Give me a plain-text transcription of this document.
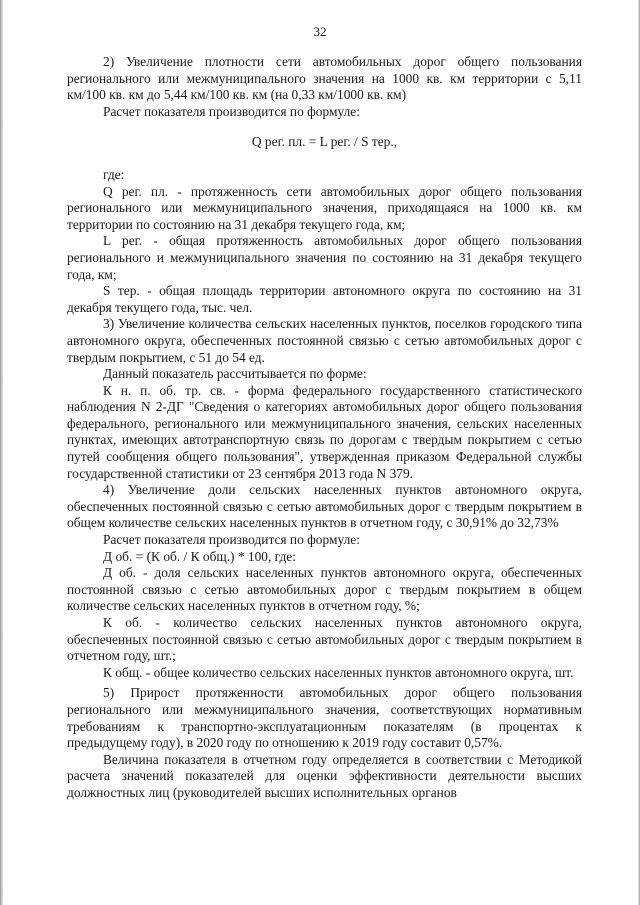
32

2) Увеличение плотности сети автомобильных дорог общего пользования регионального или межмуниципального значения на 1000 кв. км территории с 5,11 км/100 кв. км до 5,44 км/100 кв. км (на 0,33 км/1000 кв. км)

Расчет показателя производится по формуле:

Q рег. пл. = L рег. / S тер.,

где:

Q рег. пл. - протяженность сети автомобильных дорог общего пользования регионального или межмуниципального значения, приходящаяся на 1000 кв. км территории по состоянию на 31 декабря текущего года, км;

L рег. - общая протяженность автомобильных дорог общего пользования регионального и межмуниципального значения по состоянию на 31 декабря текущего года, км;

S тер. - общая площадь территории автономного округа по состоянию на 31 декабря текущего года, тыс. чел.

3) Увеличение количества сельских населенных пунктов, поселков городского типа автономного округа, обеспеченных постоянной связью с сетью автомобильных дорог с твердым покрытием, с 51 до 54 ед.

Данный показатель рассчитывается по форме:

К н. п. об. тр. св. - форма федерального государственного статистического наблюдения N 2-ДГ "Сведения о категориях автомобильных дорог общего пользования федерального, регионального или межмуниципального значения, сельских населенных пунктах, имеющих автотранспортную связь по дорогам с твердым покрытием с сетью путей сообщения общего пользования", утвержденная приказом Федеральной службы государственной статистики от 23 сентября 2013 года N 379.

4) Увеличение доли сельских населенных пунктов автономного округа, обеспеченных постоянной связью с сетью автомобильных дорог с твердым покрытием в общем количестве сельских населенных пунктов в отчетном году, с 30,91% до 32,73%

Расчет показателя производится по формуле:

Д об. = (К об. / К общ.) * 100, где:

Д об. - доля сельских населенных пунктов автономного округа, обеспеченных постоянной связью с сетью автомобильных дорог с твердым покрытием в общем количестве сельских населенных пунктов в отчетном году, %;

К об. - количество сельских населенных пунктов автономного округа, обеспеченных постоянной связью с сетью автомобильных дорог с твердым покрытием в отчетном году, шт.;

К общ. - общее количество сельских населенных пунктов автономного округа, шт.

5) Прирост протяженности автомобильных дорог общего пользования регионального или межмуниципального значения, соответствующих нормативным требованиям к транспортно-эксплуатационным показателям (в процентах к предыдущему году), в 2020 году по отношению к 2019 году составит 0,57%.

Величина показателя в отчетном году определяется в соответствии с Методикой расчета значений показателей для оценки эффективности деятельности высших должностных лиц (руководителей высших исполнительных органов
